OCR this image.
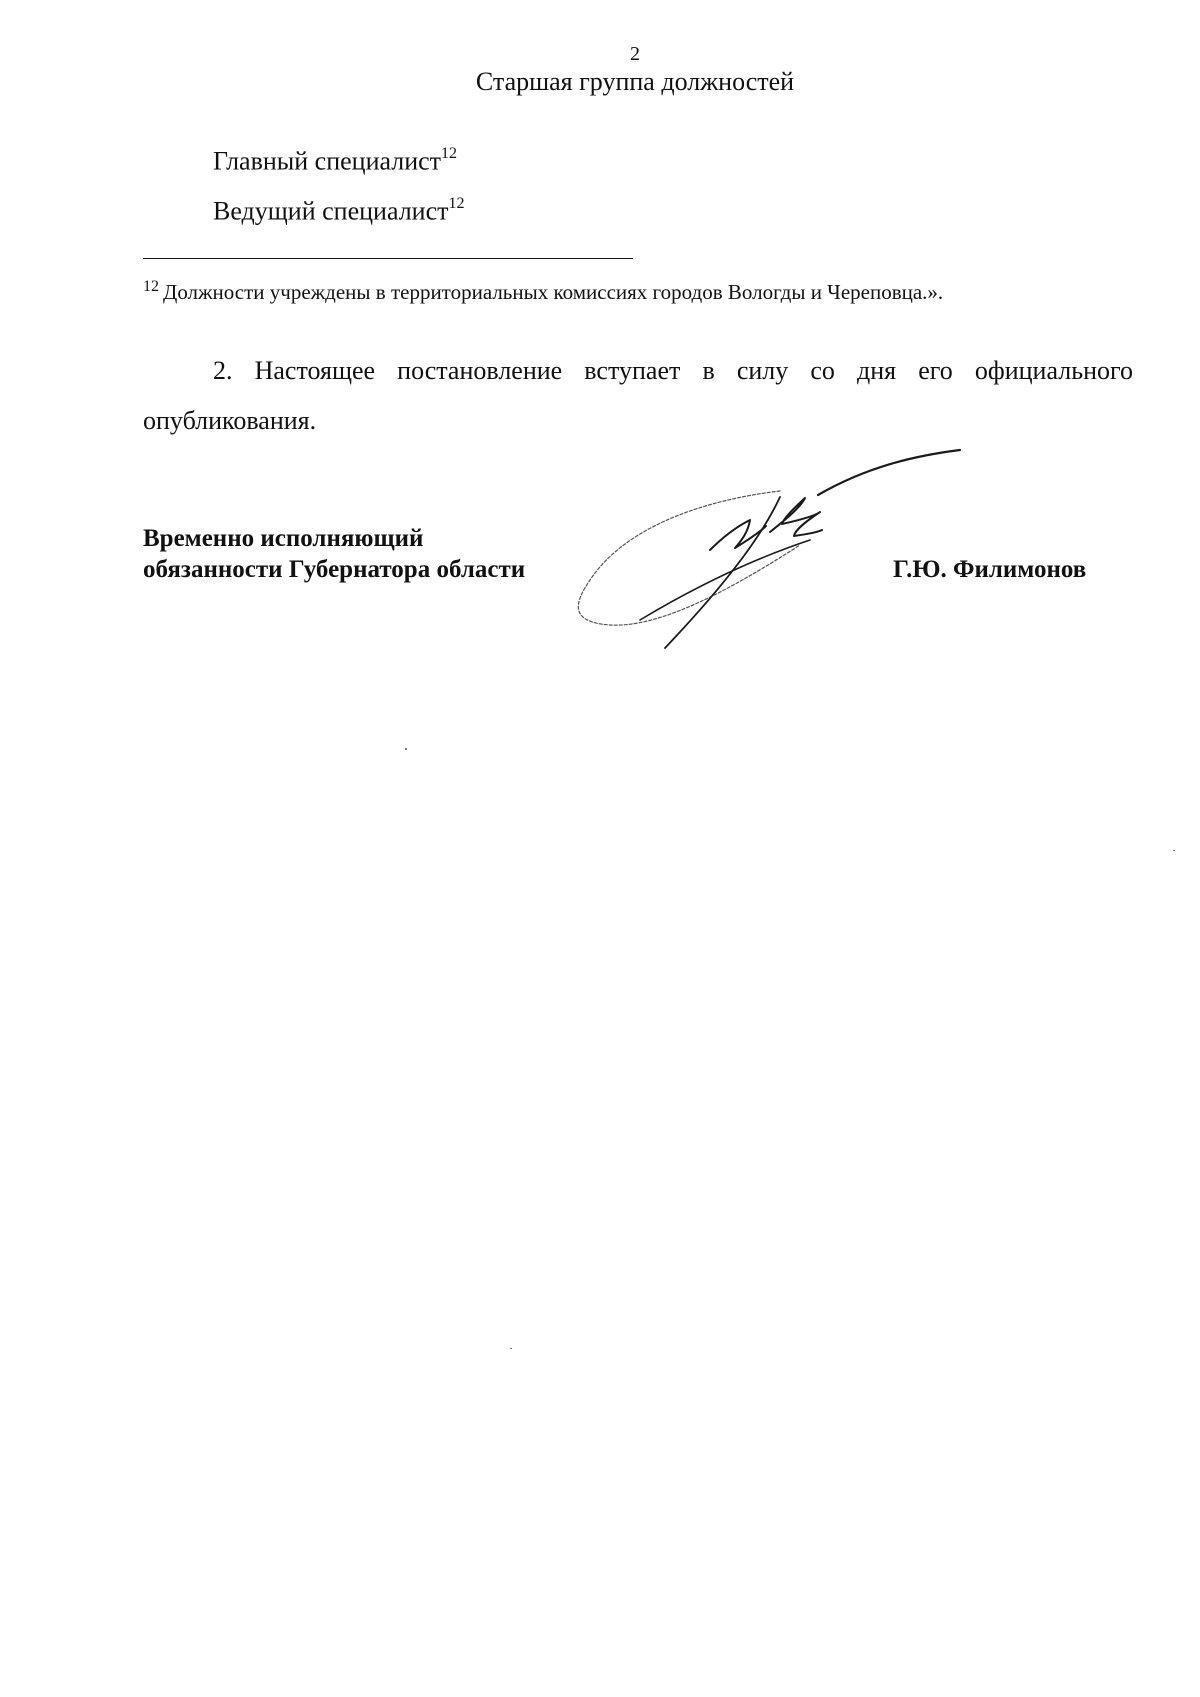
2
Старшая группа должностей
Главный специалист$^{12}$
Ведущий специалист$^{12}$
$^{12}$ Должности учреждены в территориальных комиссиях городов Вологды и Череповца.».
2. Настоящее постановление вступает в силу со дня его официального опубликования.
Временно исполняющий
обязанности Губернатора области	Г.Ю. Филимонов
